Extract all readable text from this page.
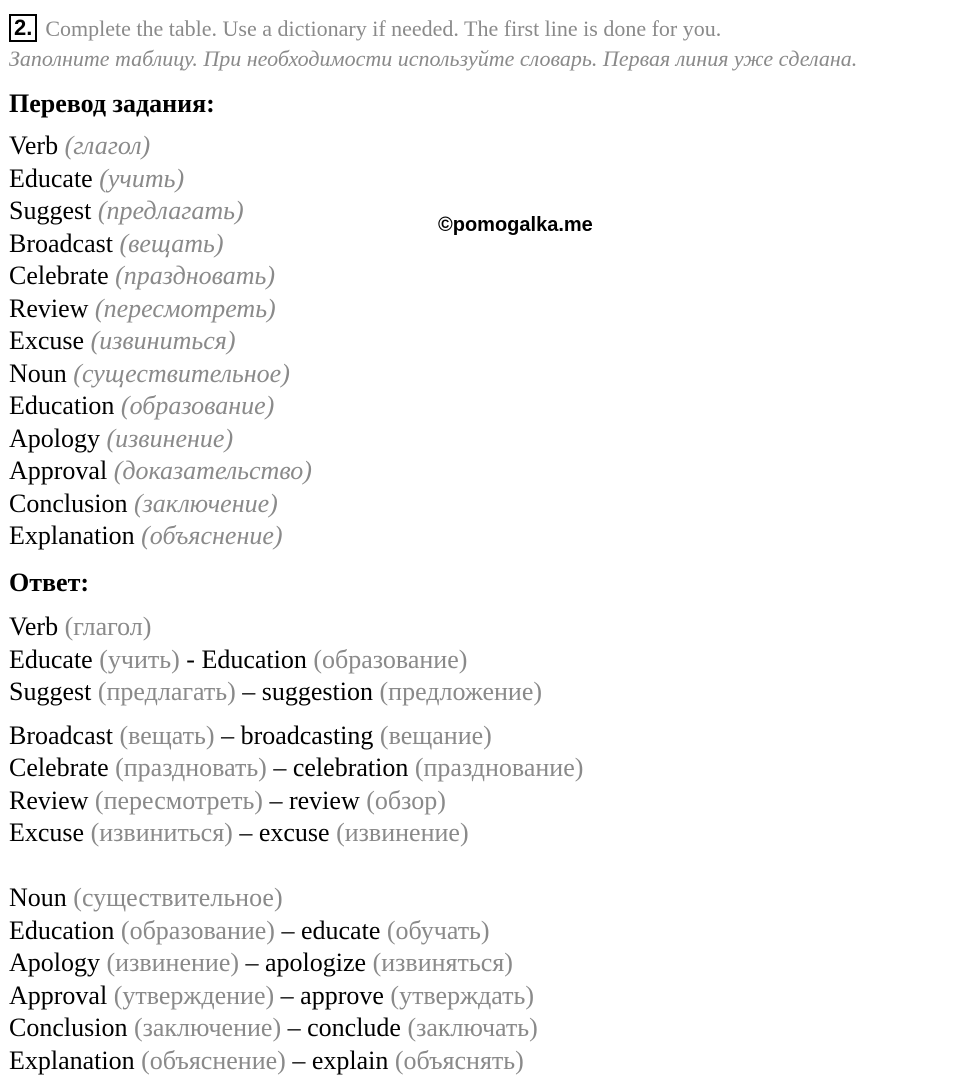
2. Complete the table. Use a dictionary if needed. The first line is done for you.
Заполните таблицу. При необходимости используйте словарь. Первая линия уже сделана.
Перевод задания:
©pomogalka.me
Verb (глагол)
Educate (учить)
Suggest (предлагать)
Broadcast (вещать)
Celebrate (праздновать)
Review (пересмотреть)
Excuse (извиниться)
Noun (существительное)
Education (образование)
Apology (извинение)
Approval (доказательство)
Conclusion (заключение)
Explanation (объяснение)
Ответ:
Verb (глагол)
Educate (учить) - Education (образование)
Suggest (предлагать) – suggestion (предложение)
Broadcast (вещать) – broadcasting (вещание)
Celebrate (праздновать) – celebration (празднование)
Review (пересмотреть) – review (обзор)
Excuse (извиниться) – excuse (извинение)
Noun (существительное)
Education (образование) – educate (обучать)
Apology (извинение) – apologize (извиняться)
Approval (утверждение) – approve (утверждать)
Conclusion (заключение) – conclude (заключать)
Explanation (объяснение) – explain (объяснять)
